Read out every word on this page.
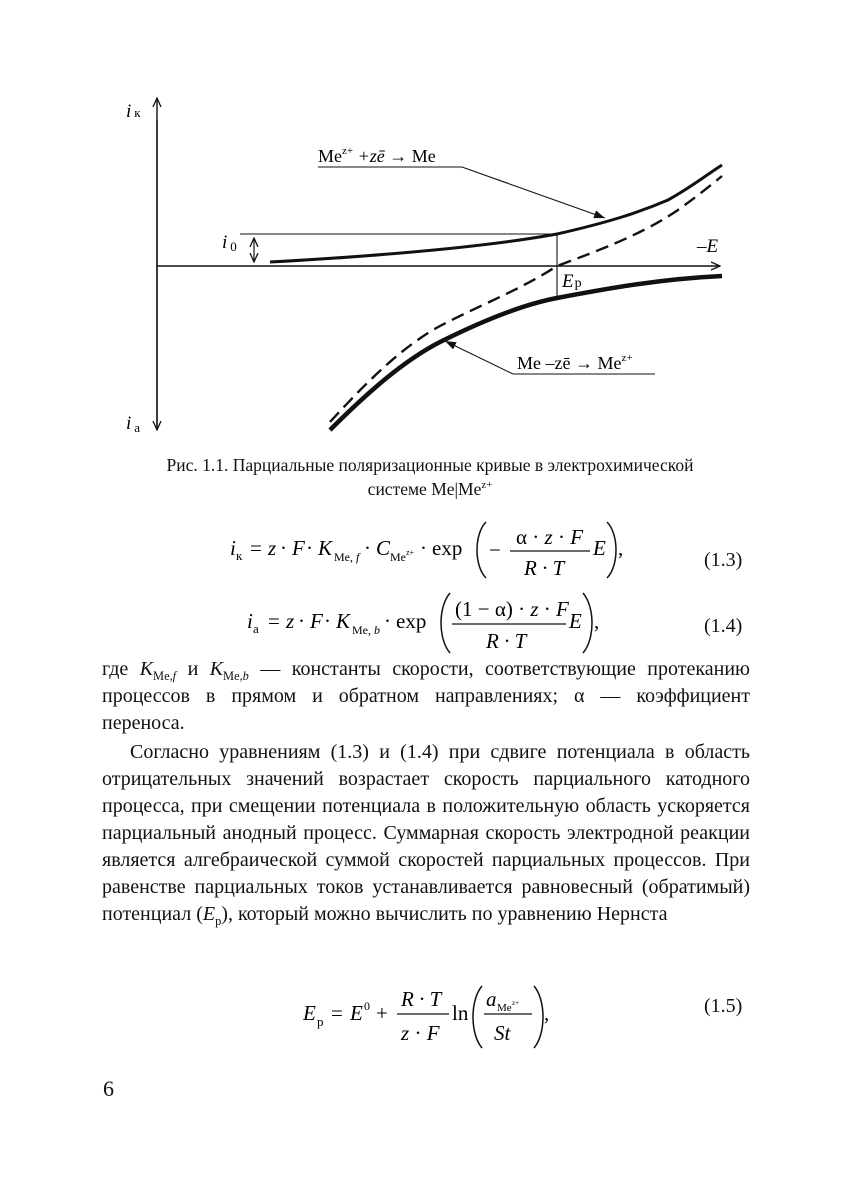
i к
i а
i 0	–E
Eр
$Me^{z+}$ +zē → Me
Me –zē → $Me^{z+}$
Рис. 1.1. Парциальные поляризационные кривые в электрохимической
системе $Me|Me^{z+}$
i к = z · F · K Me, f · C Me z+ · exp −
α · z · F
R · T
E ,	(1.3)
i а = z · F · K Me, b · exp (1 − α) · z · F
R · T
E ,	(1.4)
где $K_{Me,f}$ и $K_{Me,b}$ — константы скорости, соответствующие протеканию процессов в прямом и обратном направлениях; α — коэффициент переноса.
Согласно уравнениям (1.3) и (1.4) при сдвиге потенциала в область отрицательных значений возрастает скорость парциального катодного процесса, при смещении потенциала в положительную область ускоряется парциальный анодный процесс. Суммарная скорость электродной реакции является алгебраической суммой скоростей парциальных процессов. При равенстве парциальных токов устанавливается равновесный (обратимый) потенциал $(E_р)$, который можно вычислить по уравнению Нернста
E р = E 0 +
R · T
z · F
ln
a Me z+
St
,	(1.5)
6
